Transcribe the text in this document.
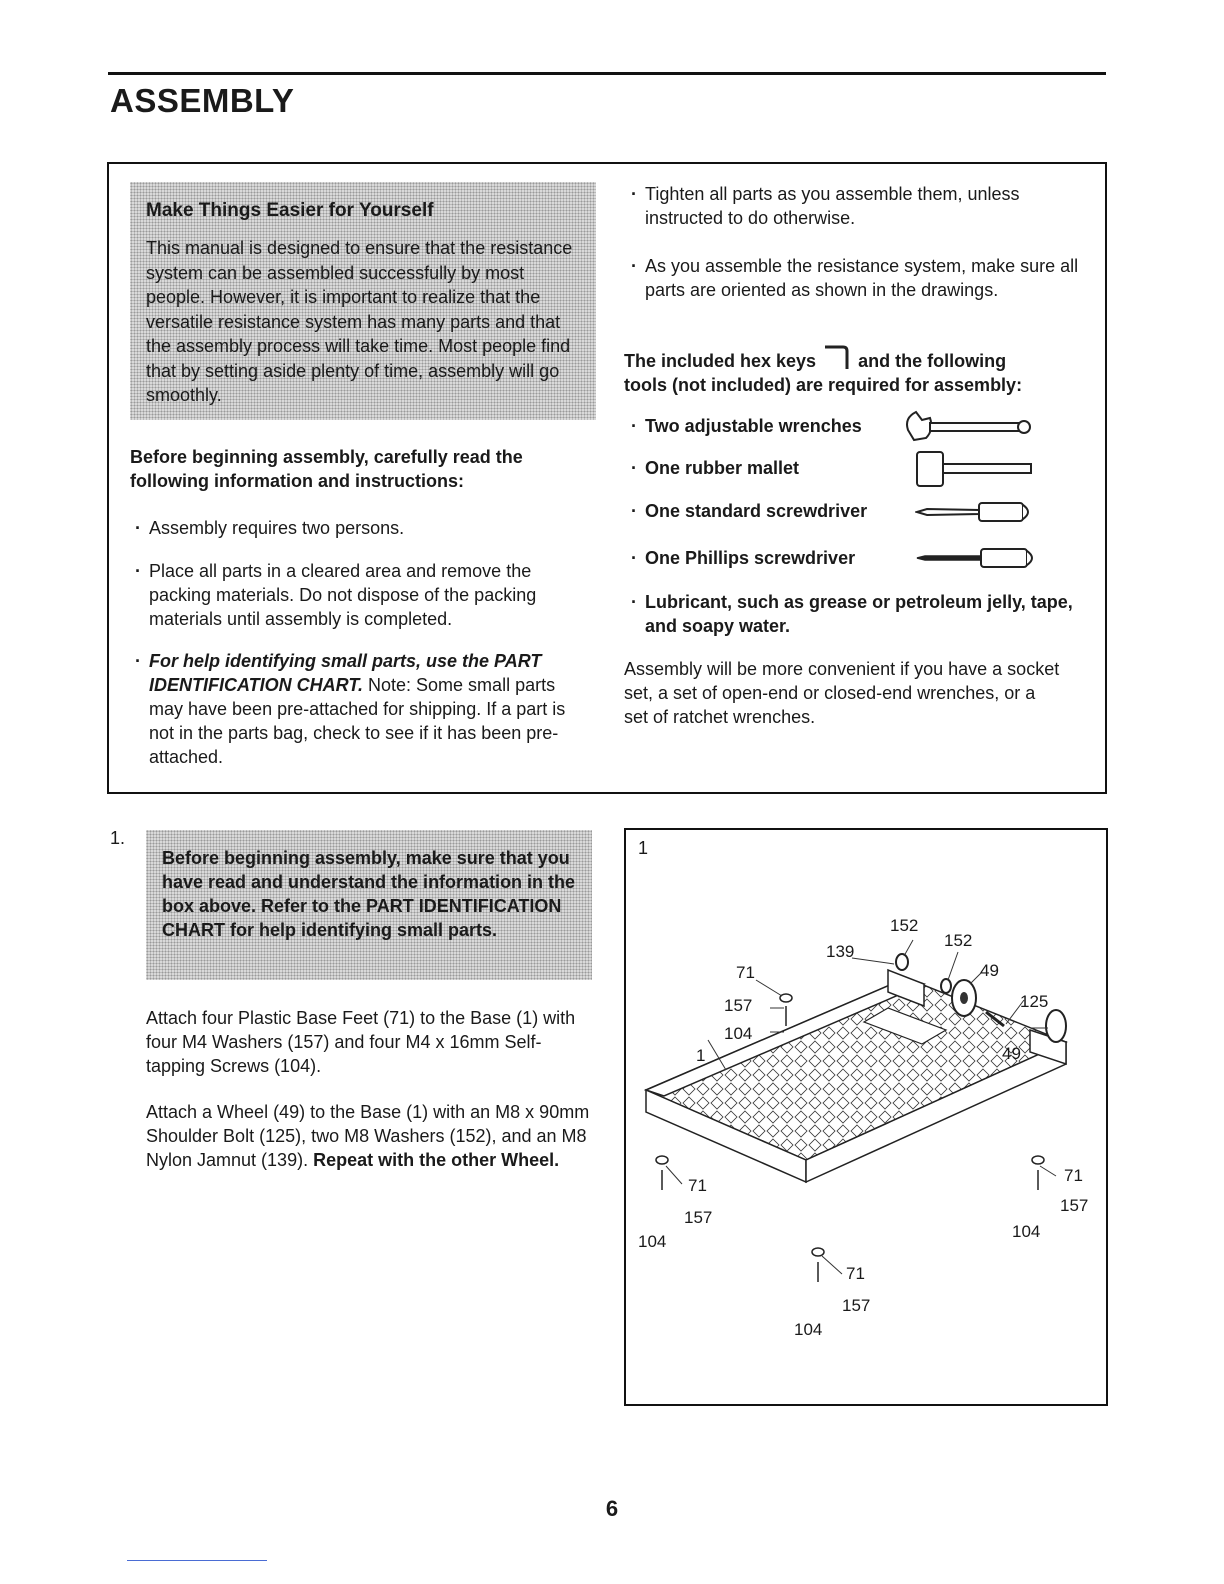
ASSEMBLY
Make Things Easier for Yourself
This manual is designed to ensure that the resistance system can be assembled successfully by most people. However, it is important to realize that the versatile resistance system has many parts and that the assembly process will take time. Most people find that by setting aside plenty of time, assembly will go smoothly.
Before beginning assembly, carefully read the following information and instructions:
· Assembly requires two persons.
· Place all parts in a cleared area and remove the packing materials. Do not dispose of the packing materials until assembly is completed.
· For help identifying small parts, use the PART IDENTIFICATION CHART. Note: Some small parts may have been pre-attached for shipping. If a part is not in the parts bag, check to see if it has been pre-attached.
· Tighten all parts as you assemble them, unless instructed to do otherwise.
· As you assemble the resistance system, make sure all parts are oriented as shown in the drawings.
The included hex keys and the following
tools (not included) are required for assembly:
· Two adjustable wrenches
· One rubber mallet
· One standard screwdriver
· One Phillips screwdriver
· Lubricant, such as grease or petroleum jelly, tape, and soapy water.
Assembly will be more convenient if you have a socket set, a set of open-end or closed-end wrenches, or a set of ratchet wrenches.
1.
Before beginning assembly, make sure that you have read and understand the information in the box above. Refer to the PART IDENTIFICATION CHART for help identifying small parts.
Attach four Plastic Base Feet (71) to the Base (1) with four M4 Washers (157) and four M4 x 16mm Self-tapping Screws (104).
Attach a Wheel (49) to the Base (1) with an M8 x 90mm Shoulder Bolt (125), two M8 Washers (152), and an M8 Nylon Jamnut (139). Repeat with the other Wheel.
1
152
152
139
71	49
157	125
104
1	49
71
71
157
157
104
104
71
157
104
6
